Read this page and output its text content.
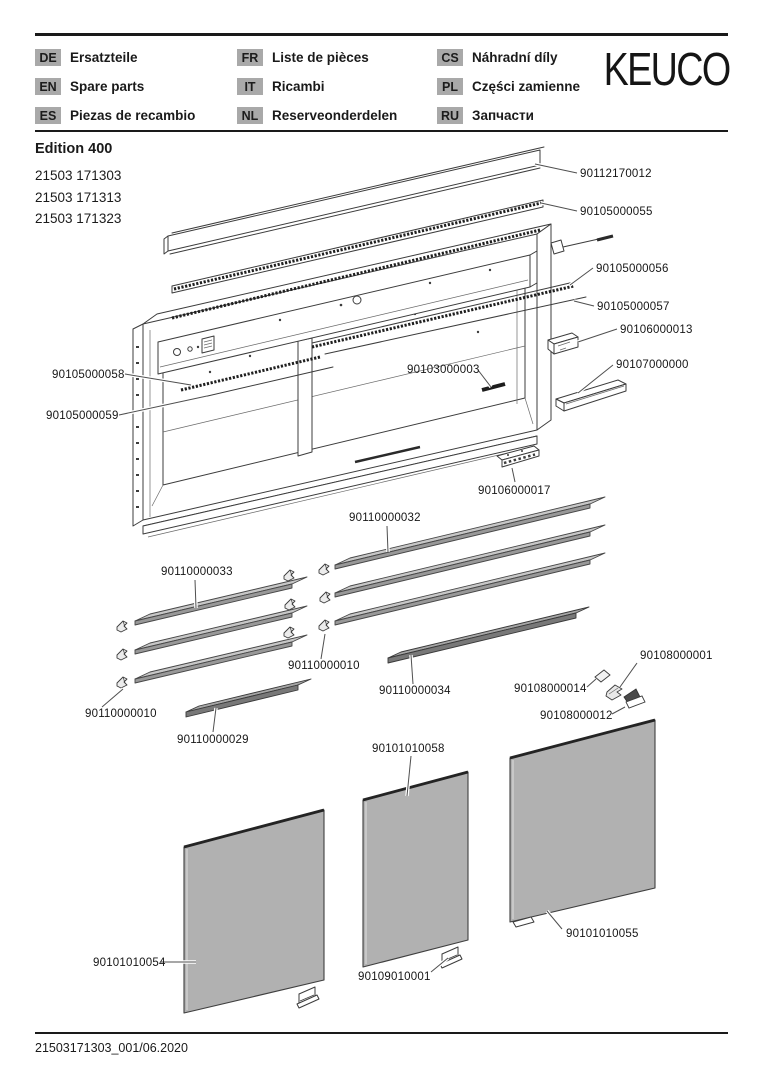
DE Ersatzteile	FR	Liste de pièces	CS Náhradní díly
EN Spare parts	IT	Ricambi	PL	Części zamienne
ES	Piezas de recambio	NL	Reserveonderdelen	RU Запчасти
KEUCO
Edition 400
21503 171303
21503 171313
21503 171323
90112170012
90105000055
90105000056
90105000057
90106000013
90107000000
90105000058
90105000059
90103000003
90106000017
90110000032
90110000033
90110000010
90110000034
90108000001
90108000014
90108000012
90110000010
90110000029
90101010058
90101010054
90109010001
90101010055
21503171303_001/06.2020
